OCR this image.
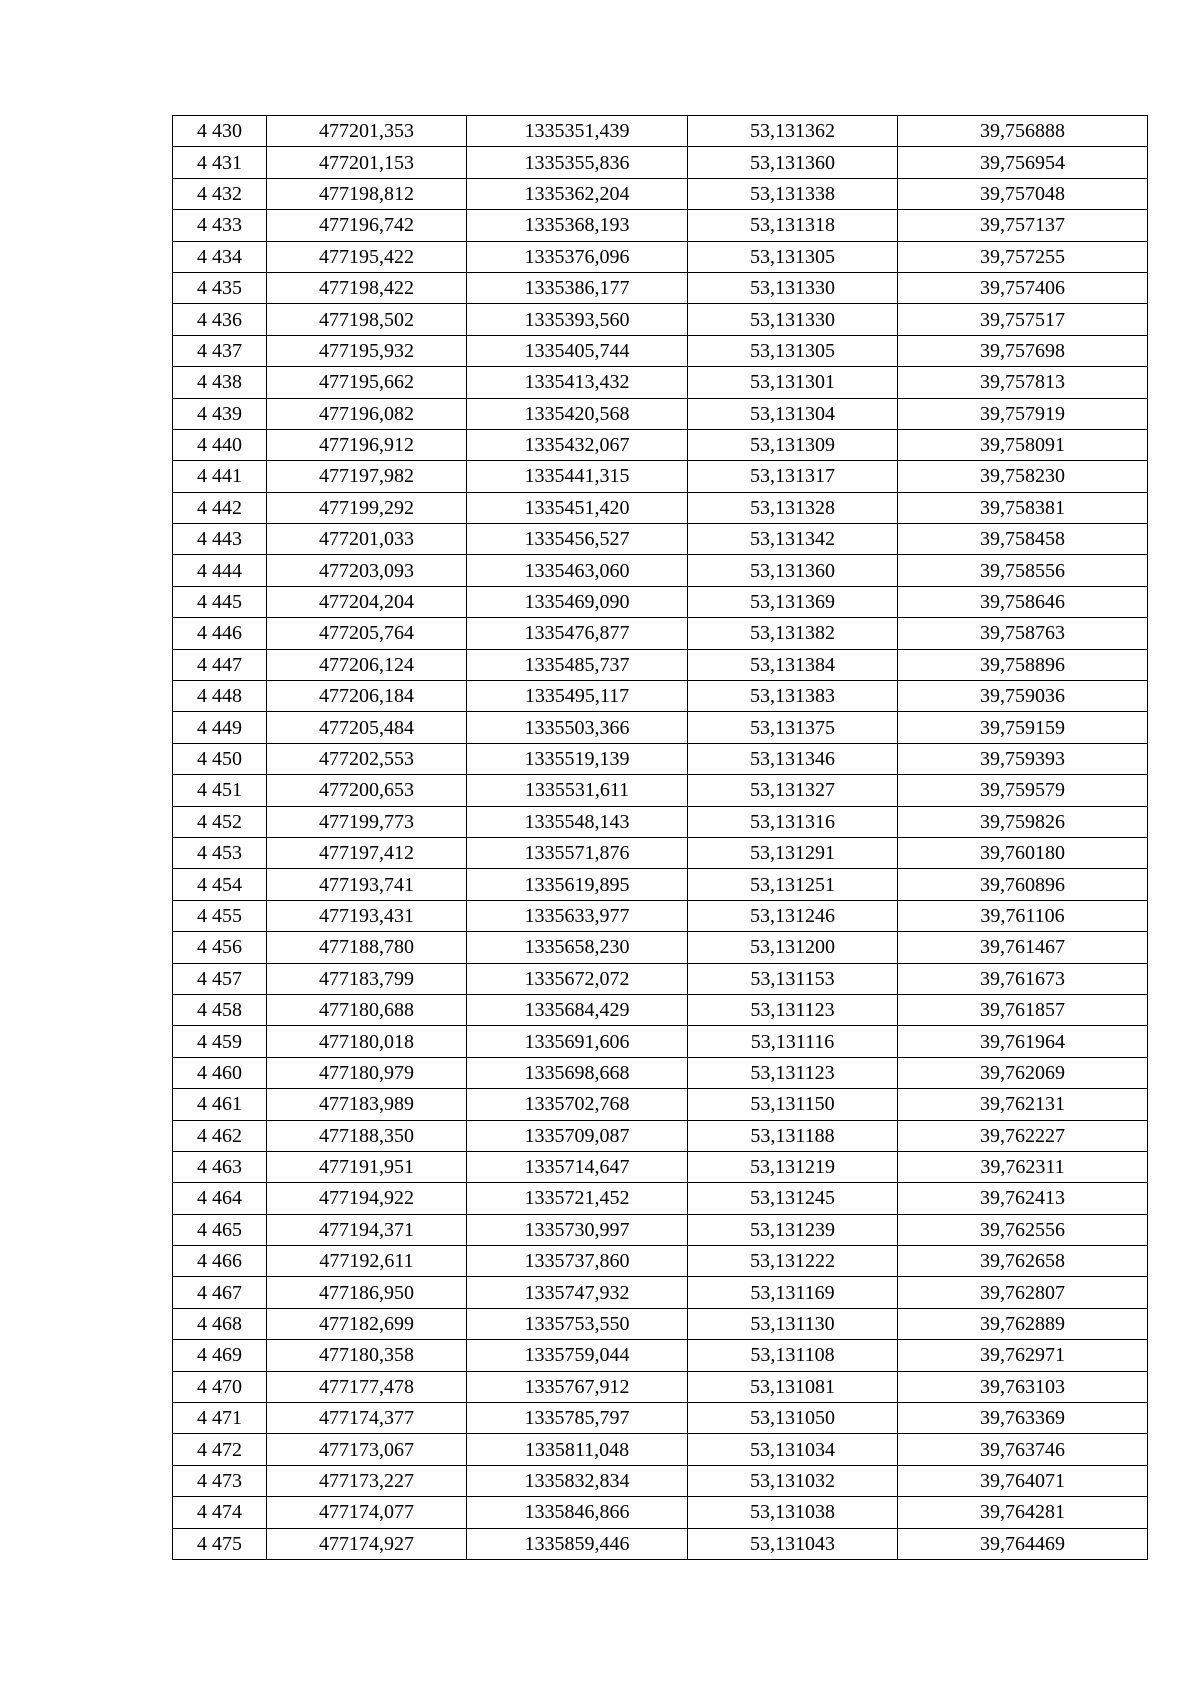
4 430	477201,353	1335351,439	53,131362	39,756888
4 431	477201,153	1335355,836	53,131360	39,756954
4 432	477198,812	1335362,204	53,131338	39,757048
4 433	477196,742	1335368,193	53,131318	39,757137
4 434	477195,422	1335376,096	53,131305	39,757255
4 435	477198,422	1335386,177	53,131330	39,757406
4 436	477198,502	1335393,560	53,131330	39,757517
4 437	477195,932	1335405,744	53,131305	39,757698
4 438	477195,662	1335413,432	53,131301	39,757813
4 439	477196,082	1335420,568	53,131304	39,757919
4 440	477196,912	1335432,067	53,131309	39,758091
4 441	477197,982	1335441,315	53,131317	39,758230
4 442	477199,292	1335451,420	53,131328	39,758381
4 443	477201,033	1335456,527	53,131342	39,758458
4 444	477203,093	1335463,060	53,131360	39,758556
4 445	477204,204	1335469,090	53,131369	39,758646
4 446	477205,764	1335476,877	53,131382	39,758763
4 447	477206,124	1335485,737	53,131384	39,758896
4 448	477206,184	1335495,117	53,131383	39,759036
4 449	477205,484	1335503,366	53,131375	39,759159
4 450	477202,553	1335519,139	53,131346	39,759393
4 451	477200,653	1335531,611	53,131327	39,759579
4 452	477199,773	1335548,143	53,131316	39,759826
4 453	477197,412	1335571,876	53,131291	39,760180
4 454	477193,741	1335619,895	53,131251	39,760896
4 455	477193,431	1335633,977	53,131246	39,761106
4 456	477188,780	1335658,230	53,131200	39,761467
4 457	477183,799	1335672,072	53,131153	39,761673
4 458	477180,688	1335684,429	53,131123	39,761857
4 459	477180,018	1335691,606	53,131116	39,761964
4 460	477180,979	1335698,668	53,131123	39,762069
4 461	477183,989	1335702,768	53,131150	39,762131
4 462	477188,350	1335709,087	53,131188	39,762227
4 463	477191,951	1335714,647	53,131219	39,762311
4 464	477194,922	1335721,452	53,131245	39,762413
4 465	477194,371	1335730,997	53,131239	39,762556
4 466	477192,611	1335737,860	53,131222	39,762658
4 467	477186,950	1335747,932	53,131169	39,762807
4 468	477182,699	1335753,550	53,131130	39,762889
4 469	477180,358	1335759,044	53,131108	39,762971
4 470	477177,478	1335767,912	53,131081	39,763103
4 471	477174,377	1335785,797	53,131050	39,763369
4 472	477173,067	1335811,048	53,131034	39,763746
4 473	477173,227	1335832,834	53,131032	39,764071
4 474	477174,077	1335846,866	53,131038	39,764281
4 475	477174,927	1335859,446	53,131043	39,764469
